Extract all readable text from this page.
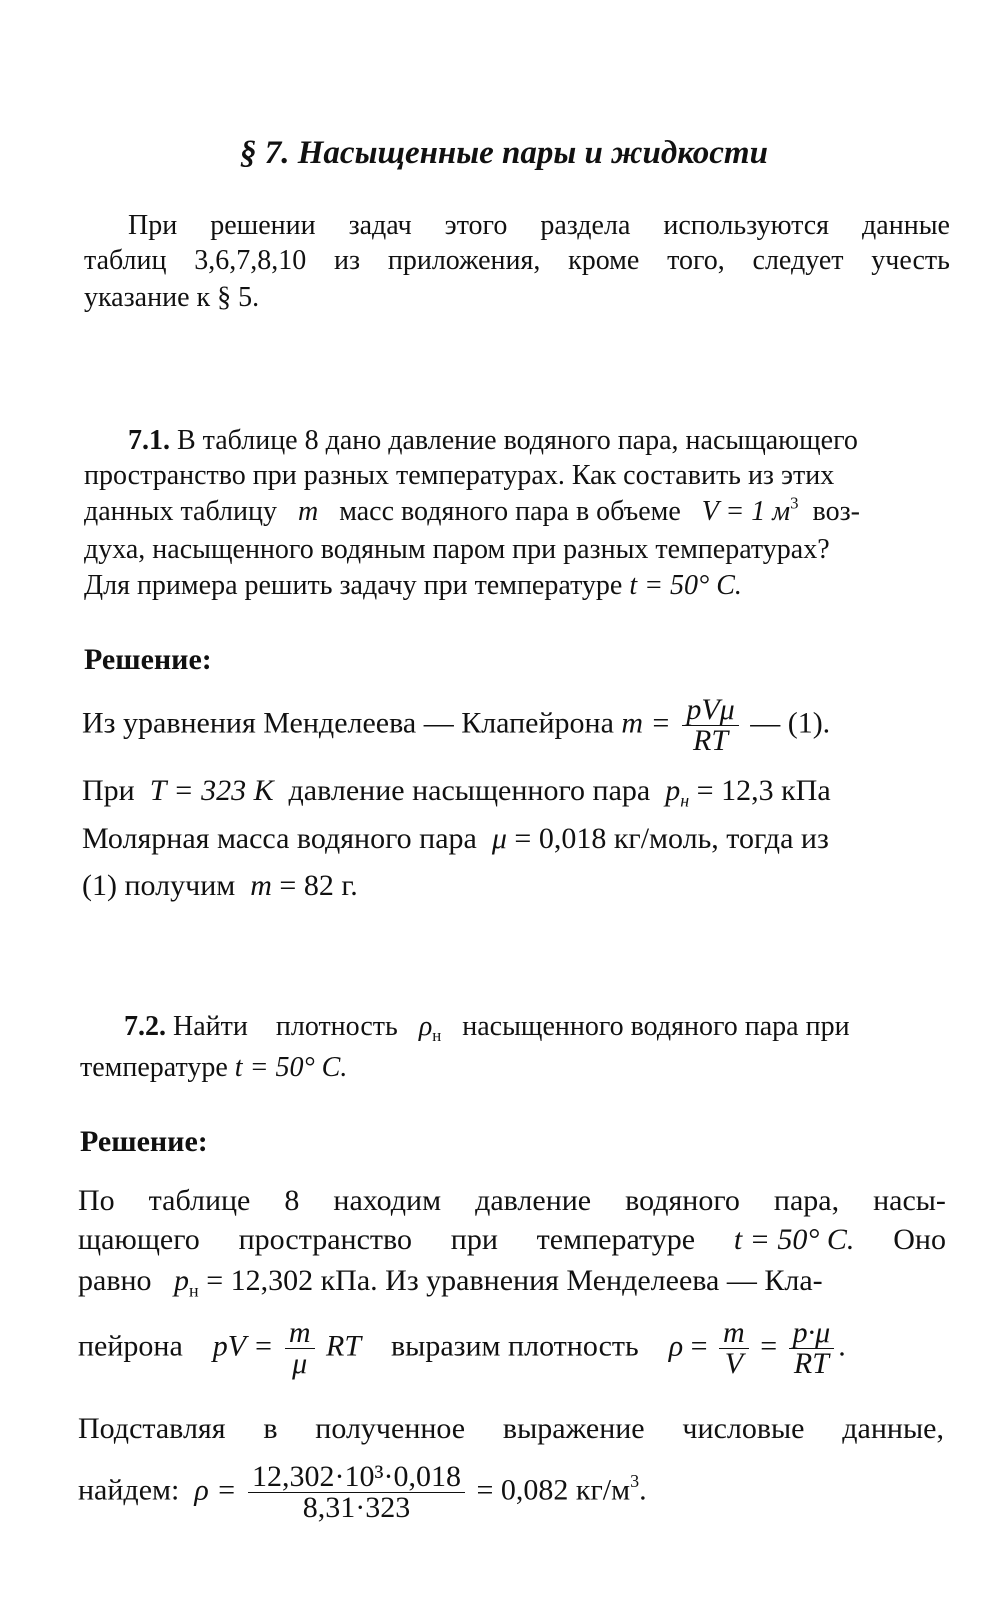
§ 7. Насыщенные пары и жидкости
При решении задач этого раздела используются данные
таблиц 3,6,7,8,10 из приложения, кроме того, следует учесть
указание к § 5.
7.1. В таблице 8 дано давление водяного пара, насыщающего
пространство при разных температурах. Как составить из этих
данных таблицу m масс водяного пара в объеме V = 1 $м^3$ воз-
духа, насыщенного водяным паром при разных температурах?
Для примера решить задачу при температуре t = 50° С.
Решение:
Из уравнения Менделеева — Клапейрона $m = \frac{\text{pVμ}}{RT}$ — (1).
При T = 323 К давление насыщенного пара $p_н = 12,3$ кПа
Молярная масса водяного пара μ = 0,018 кг/моль, тогда из
(1) получим m = 82 г.
7.2. Найти плотность $\rho_н$ насыщенного водяного пара при
температуре t = 50° С.
Решение:
По таблице 8 находим давление водяного пара, насы-
щающего пространство при температуре t = 50° С. Оно
равно $p_н = 12,302$ кПа. Из уравнения Менделеева — Кла-
пейрона pV = $\frac{m}{\mu}$ RT выразим плотность $\rho = \frac{m}{V} = \frac{p\cdot\mu}{RT}$ .
Подставляя в полученное выражение числовые данные,
найдем: $\rho = \frac{\text{12,302·10³·0,018}}{8,31\cdot 323} = 0,082$ $кг/м^3$.
